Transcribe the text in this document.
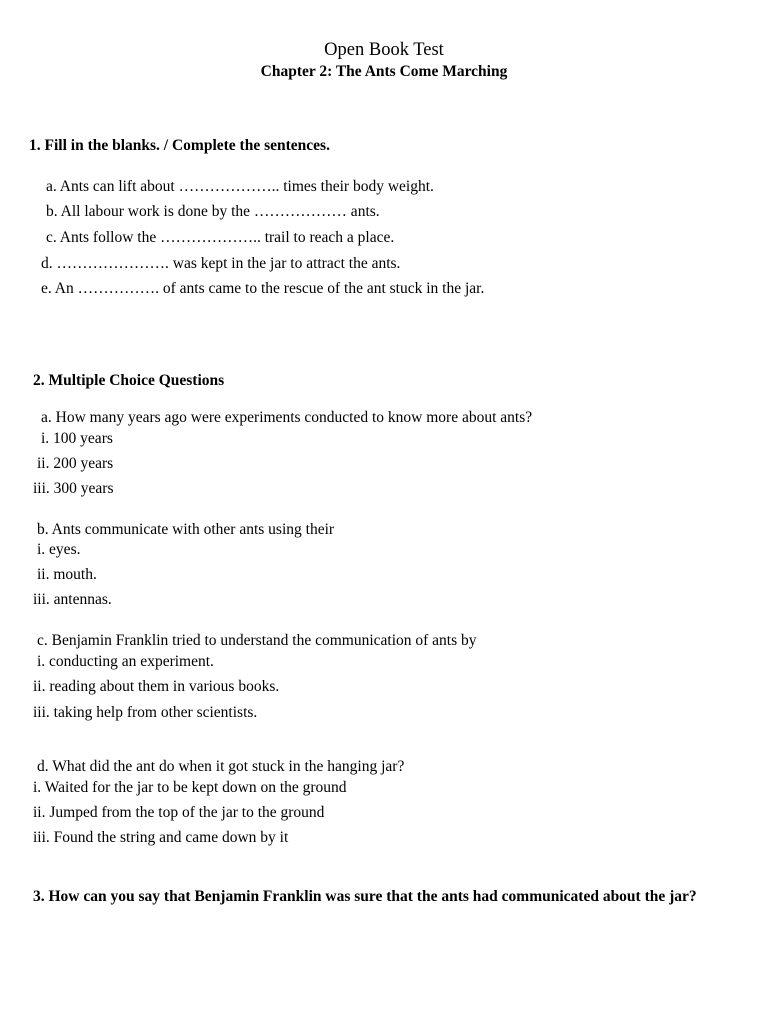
Open Book Test
Chapter 2: The Ants Come Marching
1. Fill in the blanks. / Complete the sentences.
a. Ants can lift about ……………….. times their body weight.
b. All labour work is done by the ……………… ants.
c. Ants follow the ……………….. trail to reach a place.
d. …………………. was kept in the jar to attract the ants.
e. An ……………. of ants came to the rescue of the ant stuck in the jar.
2. Multiple Choice Questions
a. How many years ago were experiments conducted to know more about ants?
i. 100 years
ii. 200 years
iii. 300 years
b. Ants communicate with other ants using their
i. eyes.
ii. mouth.
iii. antennas.
c. Benjamin Franklin tried to understand the communication of ants by
i. conducting an experiment.
ii. reading about them in various books.
iii. taking help from other scientists.
d. What did the ant do when it got stuck in the hanging jar?
i. Waited for the jar to be kept down on the ground
ii. Jumped from the top of the jar to the ground
iii. Found the string and came down by it
3. How can you say that Benjamin Franklin was sure that the ants had communicated about the jar?
